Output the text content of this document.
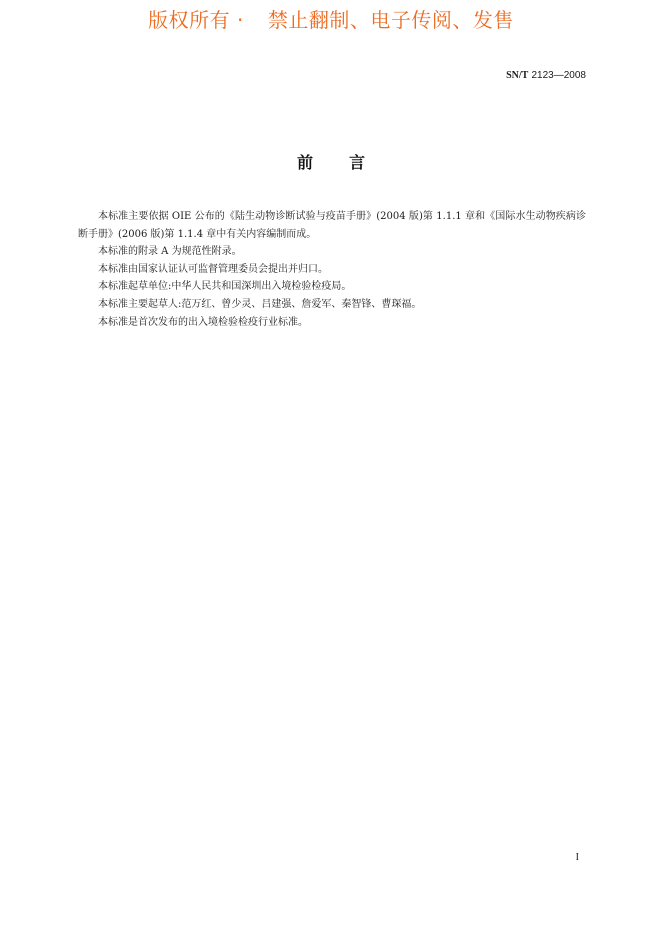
版权所有 · 禁止翻制、电子传阅、发售
SN/T 2123—2008
前言

本标准主要依据 OIE 公布的《陆生动物诊断试验与疫苗手册》(2004 版)第 1.1.1 章和《国际水生动物疾病诊断手册》(2006 版)第 1.1.4 章中有关内容编制而成。

本标准的附录 A 为规范性附录。

本标准由国家认证认可监督管理委员会提出并归口。

本标准起草单位:中华人民共和国深圳出入境检验检疫局。

本标准主要起草人:范万红、曾少灵、吕建强、詹爱军、秦智锋、曹琛福。

本标准是首次发布的出入境检验检疫行业标准。

I
